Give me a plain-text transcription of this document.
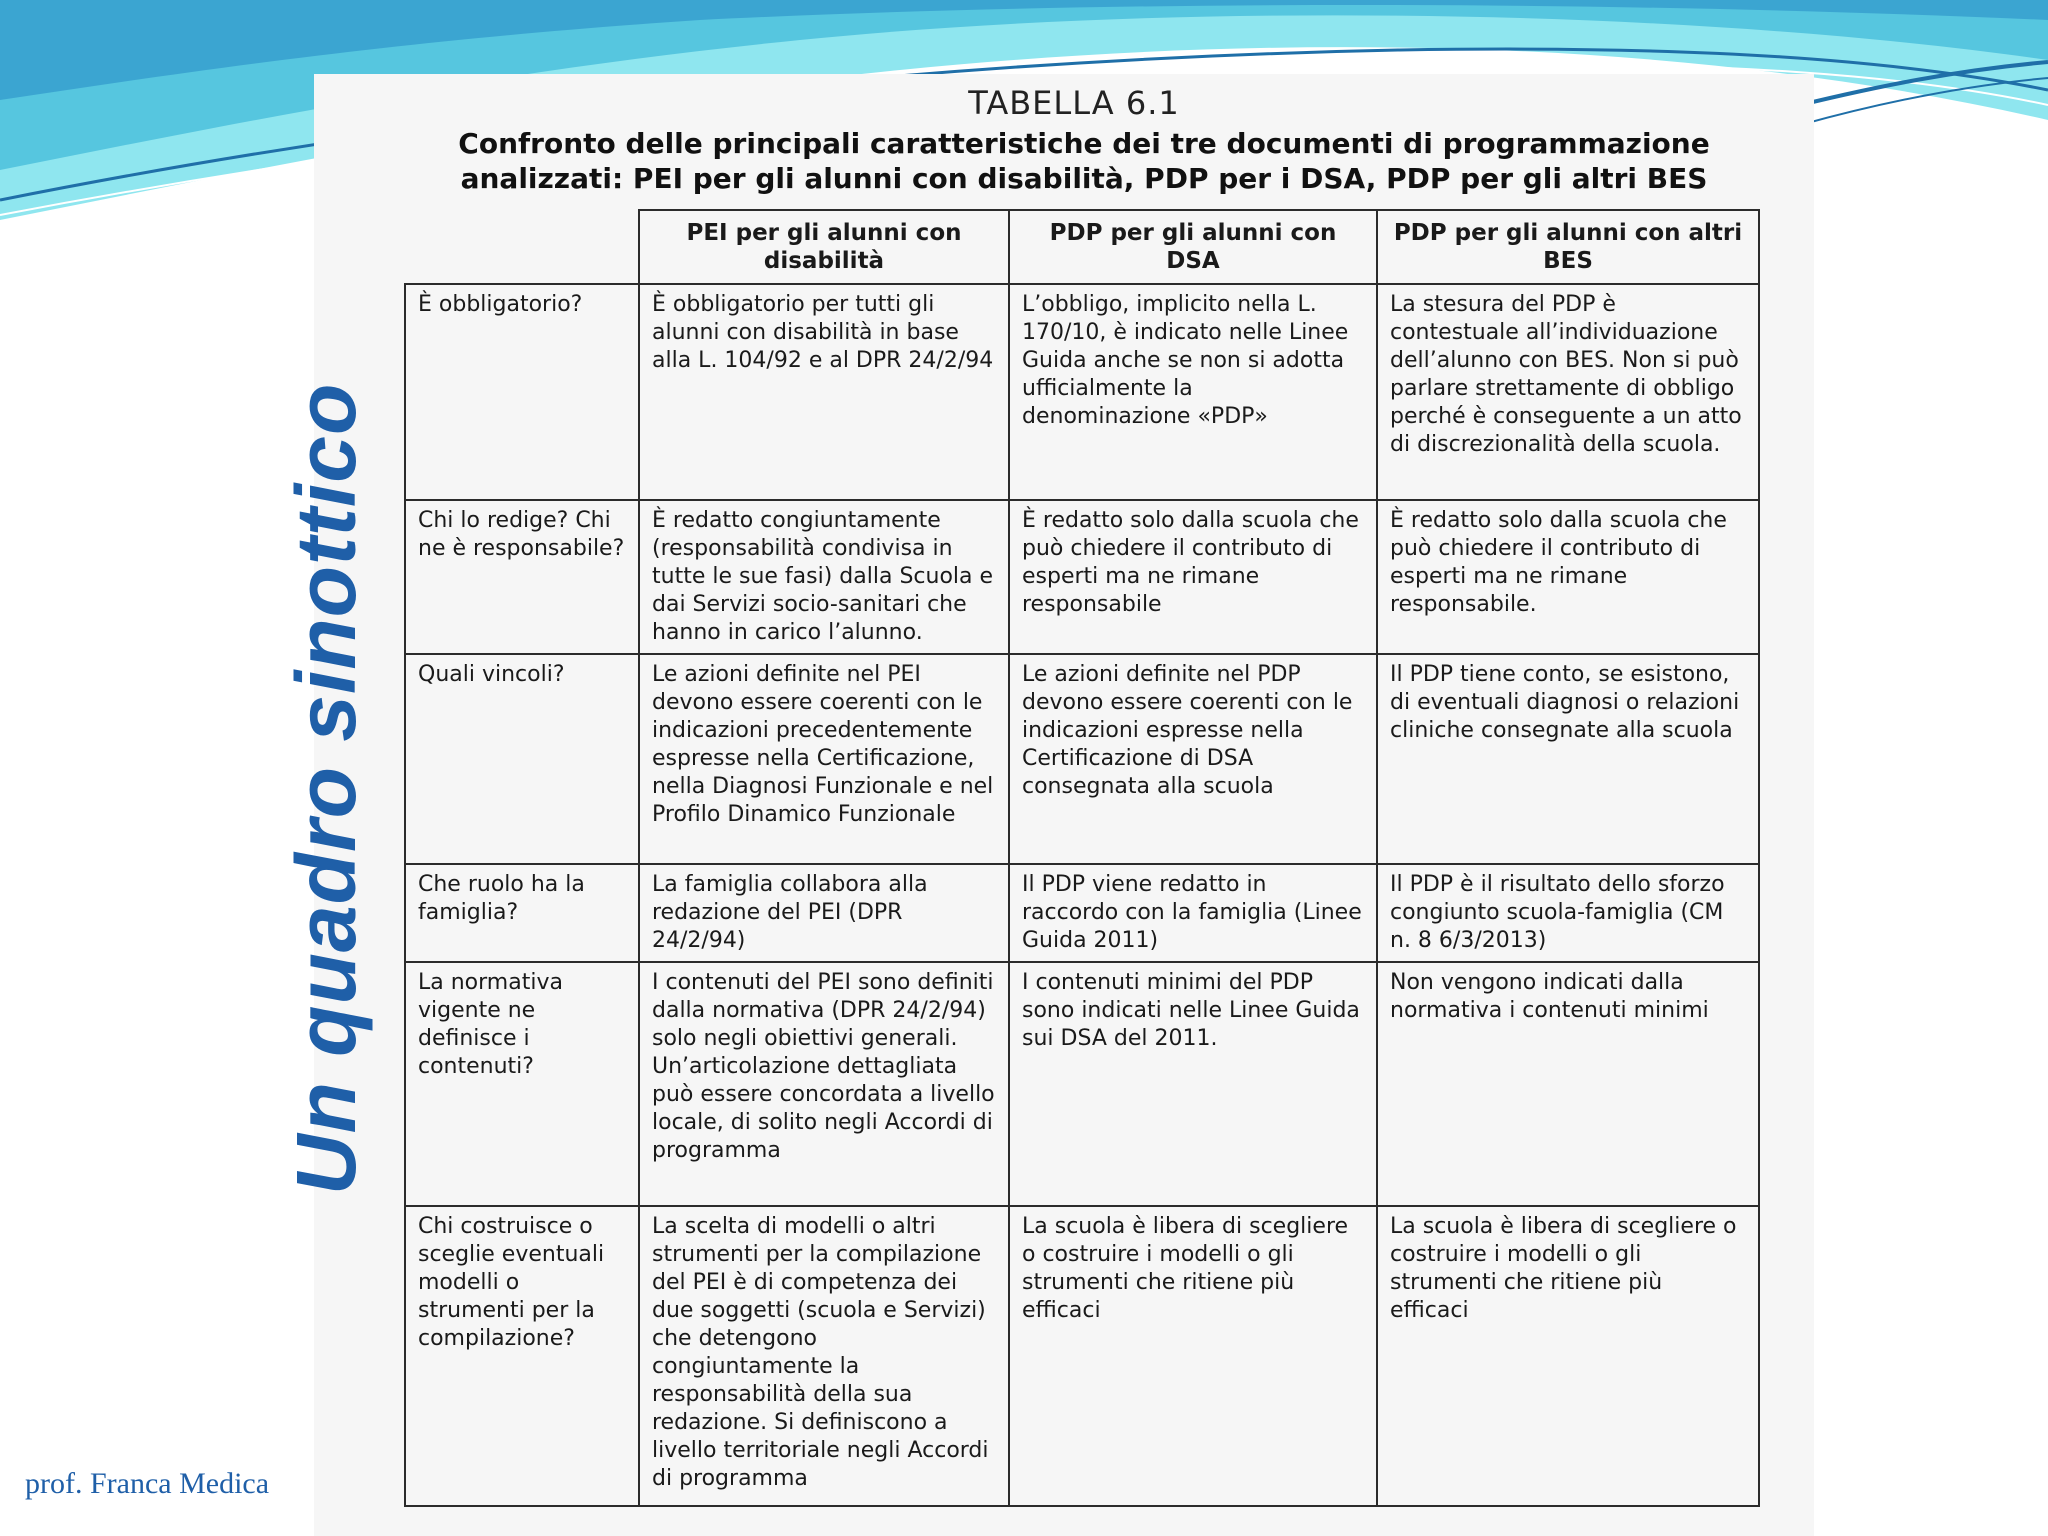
TABELLA 6.1
Confronto delle principali caratteristiche dei tre documenti di programmazione analizzati: PEI per gli alunni con disabilità, PDP per i DSA, PDP per gli altri BES
	PEI per gli alunni con disabilità	PDP per gli alunni con DSA	PDP per gli alunni con altri BES
È obbligatorio?	È obbligatorio per tutti gli alunni con disabilità in base alla L. 104/92 e al DPR 24/2/94	L’obbligo, implicito nella L. 170/10, è indicato nelle Linee Guida anche se non si adotta ufficialmente la denominazione «PDP»	La stesura del PDP è contestuale all’individuazione dell’alunno con BES. Non si può parlare strettamente di obbligo perché è conseguente a un atto di discrezionalità della scuola.
Chi lo redige? Chi ne è responsabile?	È redatto congiuntamente (responsabilità condivisa in tutte le sue fasi) dalla Scuola e dai Servizi socio-sanitari che hanno in carico l’alunno.	È redatto solo dalla scuola che può chiedere il contributo di esperti ma ne rimane responsabile	È redatto solo dalla scuola che può chiedere il contributo di esperti ma ne rimane responsabile.
Quali vincoli?	Le azioni definite nel PEI devono essere coerenti con le indicazioni precedentemente espresse nella Certificazione, nella Diagnosi Funzionale e nel Profilo Dinamico Funzionale	Le azioni definite nel PDP devono essere coerenti con le indicazioni espresse nella Certificazione di DSA consegnata alla scuola	Il PDP tiene conto, se esistono, di eventuali diagnosi o relazioni cliniche consegnate alla scuola
Che ruolo ha la famiglia?	La famiglia collabora alla redazione del PEI (DPR 24/2/94)	Il PDP viene redatto in raccordo con la famiglia (Linee Guida 2011)	Il PDP è il risultato dello sforzo congiunto scuola-famiglia (CM n. 8 6/3/2013)
La normativa vigente ne definisce i contenuti?	I contenuti del PEI sono definiti dalla normativa (DPR 24/2/94) solo negli obiettivi generali. Un’articolazione dettagliata può essere concordata a livello locale, di solito negli Accordi di programma	I contenuti minimi del PDP sono indicati nelle Linee Guida sui DSA del 2011.	Non vengono indicati dalla normativa i contenuti minimi
Chi costruisce o sceglie eventuali modelli o strumenti per la compilazione?	La scelta di modelli o altri strumenti per la compilazione del PEI è di competenza dei due soggetti (scuola e Servizi) che detengono congiuntamente la responsabilità della sua redazione. Si definiscono a livello territoriale negli Accordi di programma	La scuola è libera di scegliere o costruire i modelli o gli strumenti che ritiene più efficaci	La scuola è libera di scegliere o costruire i modelli o gli strumenti che ritiene più efficaci
Un quadro sinottico
prof. Franca Medica
